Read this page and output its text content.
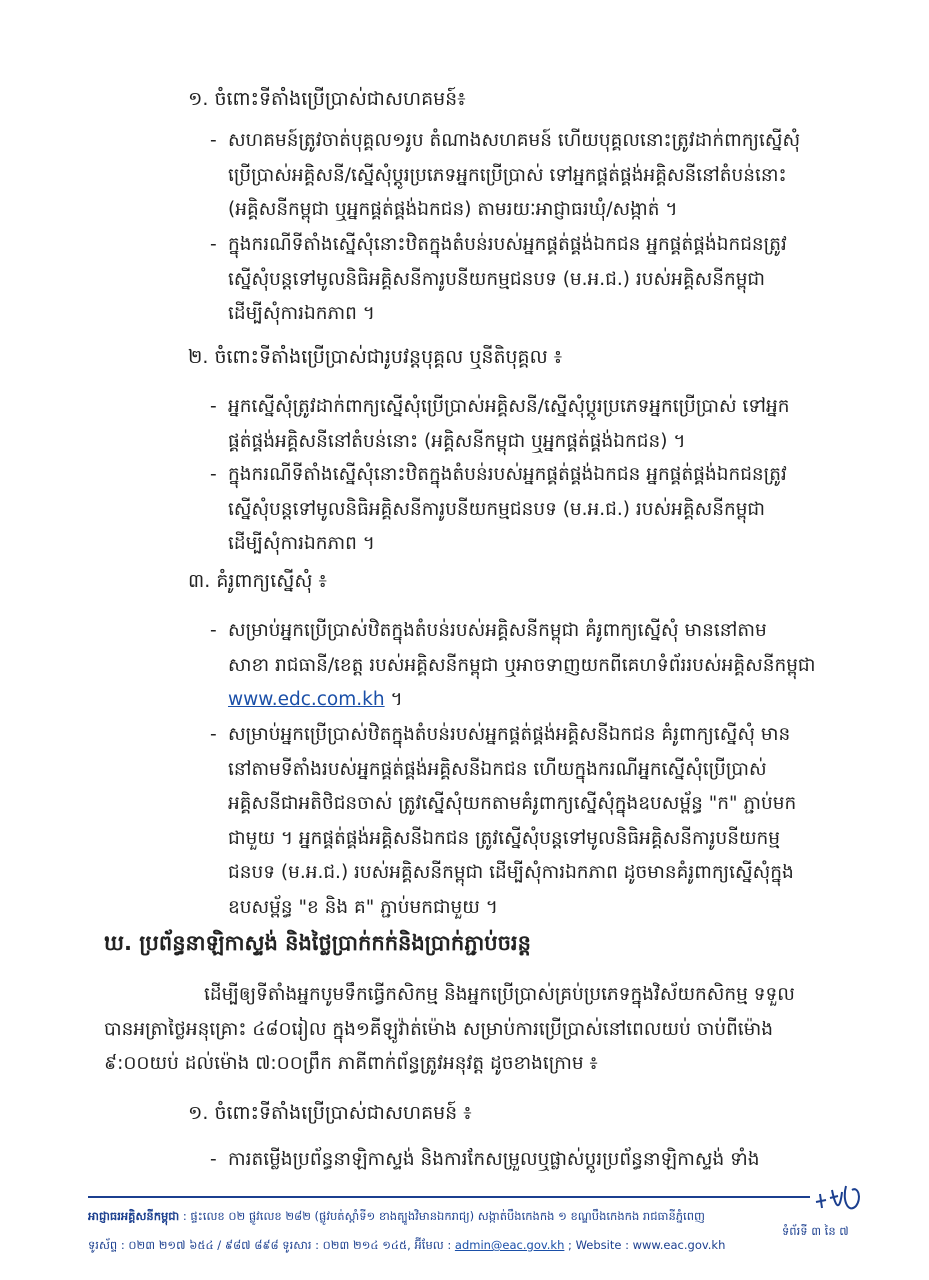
១. ចំពោះទីតាំងប្រើប្រាស់ជាសហគមន៍៖
- សហគមន៍ត្រូវចាត់បុគ្គល១រូប តំណាងសហគមន៍ ហើយបុគ្គលនោះត្រូវដាក់ពាក្យស្នើសុំ
ប្រើប្រាស់អគ្គិសនី/ស្នើសុំប្តូរប្រភេទអ្នកប្រើប្រាស់ ទៅអ្នកផ្គត់ផ្គង់អគ្គិសនីនៅតំបន់នោះ
(អគ្គិសនីកម្ពុជា ឬអ្នកផ្គត់ផ្គង់ឯកជន) តាមរយៈអាជ្ញាធរឃុំ/សង្កាត់ ។
- ក្នុងករណីទីតាំងស្នើសុំនោះឋិតក្នុងតំបន់របស់អ្នកផ្គត់ផ្គង់ឯកជន អ្នកផ្គត់ផ្គង់ឯកជនត្រូវ
ស្នើសុំបន្តទៅមូលនិធិអគ្គិសនីការូបនីយកម្មជនបទ (ម.អ.ជ.) របស់អគ្គិសនីកម្ពុជា
ដើម្បីសុំការឯកភាព ។
២. ចំពោះទីតាំងប្រើប្រាស់ជារូបវន្តបុគ្គល ឬនីតិបុគ្គល ៖
- អ្នកស្នើសុំត្រូវដាក់ពាក្យស្នើសុំប្រើប្រាស់អគ្គិសនី/ស្នើសុំប្តូរប្រភេទអ្នកប្រើប្រាស់ ទៅអ្នក
ផ្គត់ផ្គង់អគ្គិសនីនៅតំបន់នោះ (អគ្គិសនីកម្ពុជា ឬអ្នកផ្គត់ផ្គង់ឯកជន) ។
- ក្នុងករណីទីតាំងស្នើសុំនោះឋិតក្នុងតំបន់របស់អ្នកផ្គត់ផ្គង់ឯកជន អ្នកផ្គត់ផ្គង់ឯកជនត្រូវ
ស្នើសុំបន្តទៅមូលនិធិអគ្គិសនីការូបនីយកម្មជនបទ (ម.អ.ជ.) របស់អគ្គិសនីកម្ពុជា
ដើម្បីសុំការឯកភាព ។
៣. គំរូពាក្យស្នើសុំ ៖
- សម្រាប់អ្នកប្រើប្រាស់ឋិតក្នុងតំបន់របស់អគ្គិសនីកម្ពុជា គំរូពាក្យស្នើសុំ មាននៅតាម
សាខា រាជធានី/ខេត្ត របស់អគ្គិសនីកម្ពុជា ឬអាចទាញយកពីគេហទំព័ររបស់អគ្គិសនីកម្ពុជា
www.edc.com.kh ។
- សម្រាប់អ្នកប្រើប្រាស់ឋិតក្នុងតំបន់របស់អ្នកផ្គត់ផ្គង់អគ្គិសនីឯកជន គំរូពាក្យស្នើសុំ មាន
នៅតាមទីតាំងរបស់អ្នកផ្គត់ផ្គង់អគ្គិសនីឯកជន ហើយក្នុងករណីអ្នកស្នើសុំប្រើប្រាស់
អគ្គិសនីជាអតិថិជនចាស់ ត្រូវស្នើសុំយកតាមគំរូពាក្យស្នើសុំក្នុងឧបសម្ព័ន្ធ "ក" ភ្ជាប់មក
ជាមួយ ។ អ្នកផ្គត់ផ្គង់អគ្គិសនីឯកជន ត្រូវស្នើសុំបន្តទៅមូលនិធិអគ្គិសនីការូបនីយកម្ម
ជនបទ (ម.អ.ជ.) របស់អគ្គិសនីកម្ពុជា ដើម្បីសុំការឯកភាព ដូចមានគំរូពាក្យស្នើសុំក្នុង
ឧបសម្ព័ន្ធ "ខ និង គ" ភ្ជាប់មកជាមួយ ។
ឃ. ប្រព័ន្ធនាឡិកាស្ទង់ និងថ្លៃប្រាក់កក់និងប្រាក់ភ្ជាប់ចរន្ត
ដើម្បីឲ្យទីតាំងអ្នកបូមទឹកធ្វើកសិកម្ម និងអ្នកប្រើប្រាស់គ្រប់ប្រភេទក្នុងវិស័យកសិកម្ម ទទួល
បានអត្រាថ្លៃអនុគ្រោះ ៤៨០រៀល ក្នុង១គីឡូវ៉ាត់ម៉ោង សម្រាប់ការប្រើប្រាស់នៅពេលយប់ ចាប់ពីម៉ោង
៩:០០យប់ ដល់ម៉ោង ៧:០០ព្រឹក ភាគីពាក់ព័ន្ធត្រូវអនុវត្ត ដូចខាងក្រោម ៖
១. ចំពោះទីតាំងប្រើប្រាស់ជាសហគមន៍ ៖
- ការតម្លើងប្រព័ន្ធនាឡិកាស្ទង់ និងការកែសម្រួលឬផ្លាស់ប្តូរប្រព័ន្ធនាឡិកាស្ទង់ ទាំង
អាជ្ញាធរអគ្គិសនីកម្ពុជា : ផ្ទះលេខ ០២ ផ្លូវលេខ ២៨២ (ផ្លូវបត់ស្តាំទី១ ខាងត្បូងវិមានឯករាជ្យ) សង្កាត់បឹងកេងកង ១ ខណ្ឌបឹងកេងកង រាជធានីភ្នំពេញ
ទំព័រទី ៣ នៃ ៧
ទូរស័ព្ទ : ០២៣ ២១៧ ៦៥៤ / ៩៨៧ ៨៩៨ ទូរសារ : ០២៣ ២១៤ ១៤៥, អ៊ីមែល : admin@eac.gov.kh ; Website : www.eac.gov.kh
